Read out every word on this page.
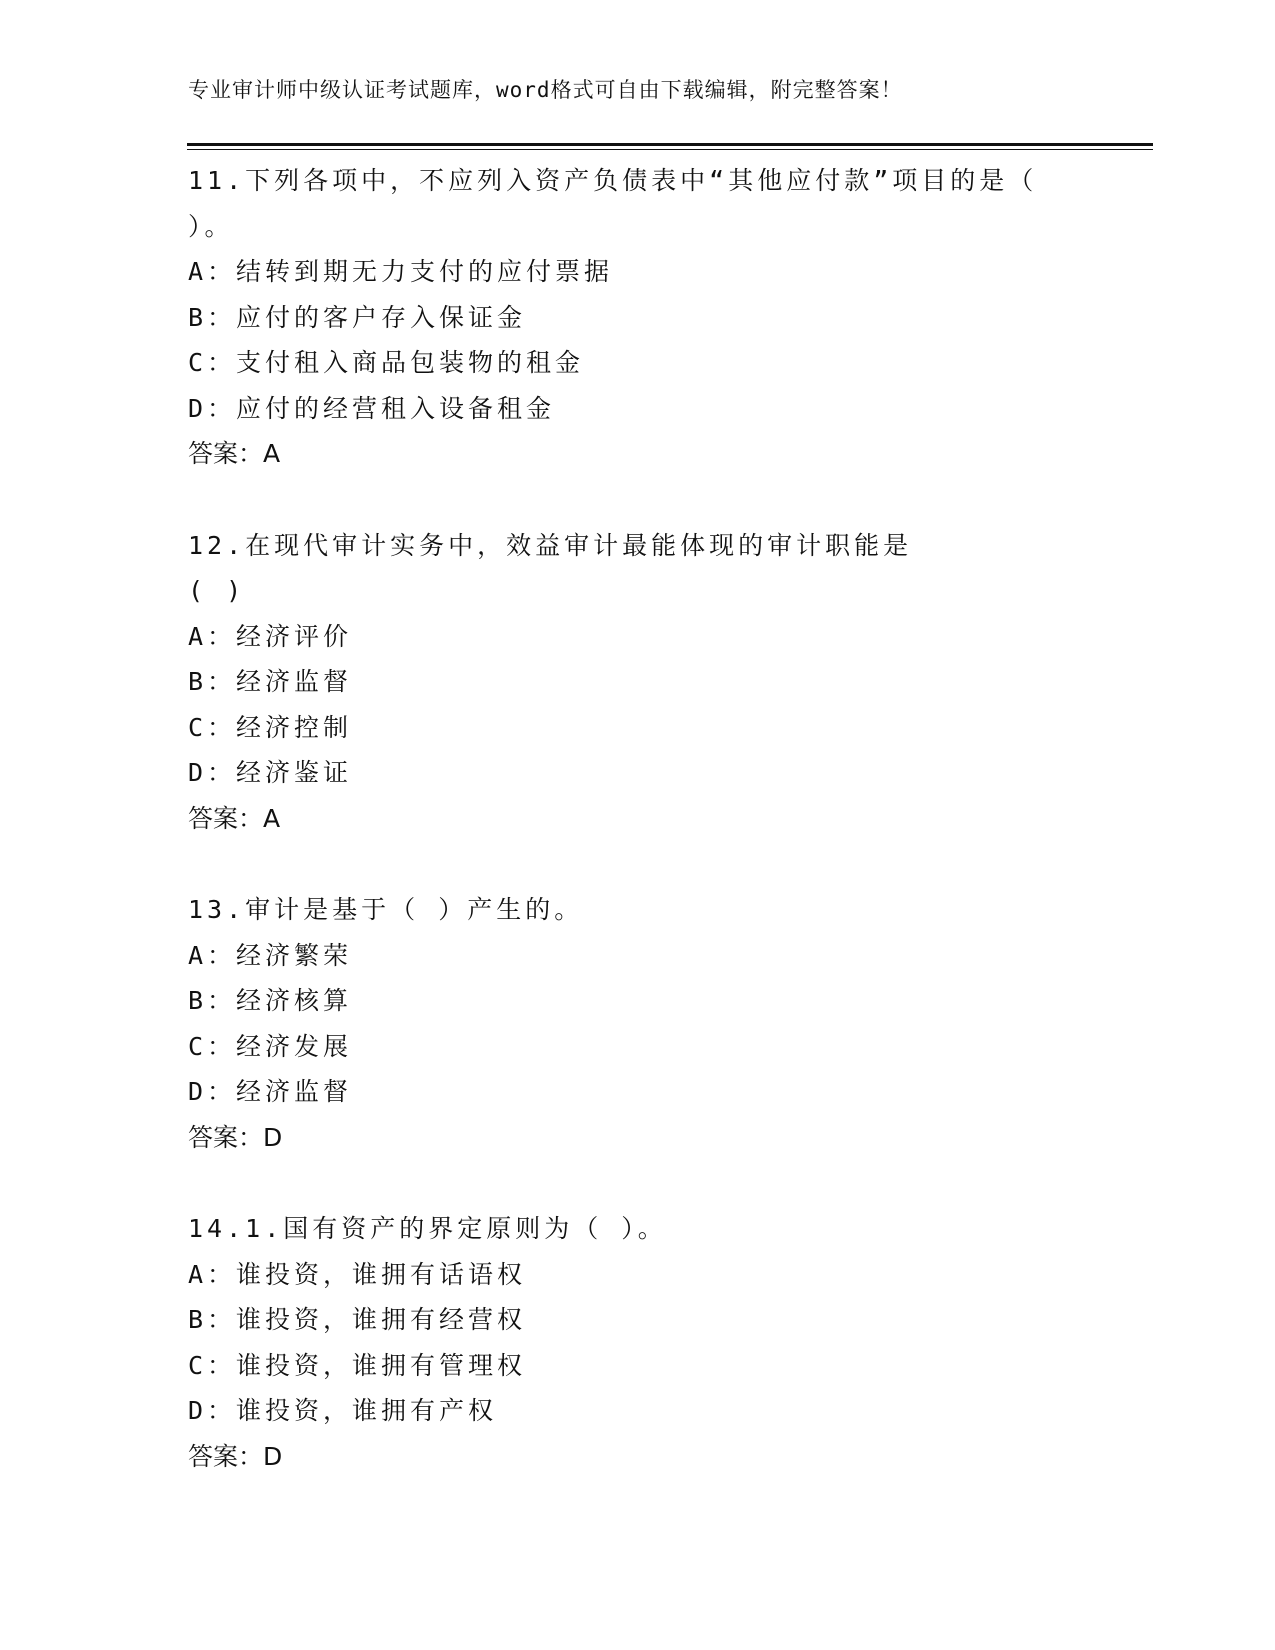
专业审计师中级认证考试题库，word格式可自由下载编辑，附完整答案！
11.下列各项中，不应列入资产负债表中“其他应付款”项目的是（
）。
A：结转到期无力支付的应付票据
B：应付的客户存入保证金
C：支付租入商品包装物的租金
D：应付的经营租入设备租金
答案：A
12.在现代审计实务中，效益审计最能体现的审计职能是
( )
A：经济评价
B：经济监督
C：经济控制
D：经济鉴证
答案：A
13.审计是基于（ ）产生的。
A：经济繁荣
B：经济核算
C：经济发展
D：经济监督
答案：D
14.1.国有资产的界定原则为（ ）。
A：谁投资，谁拥有话语权
B：谁投资，谁拥有经营权
C：谁投资，谁拥有管理权
D：谁投资，谁拥有产权
答案：D
